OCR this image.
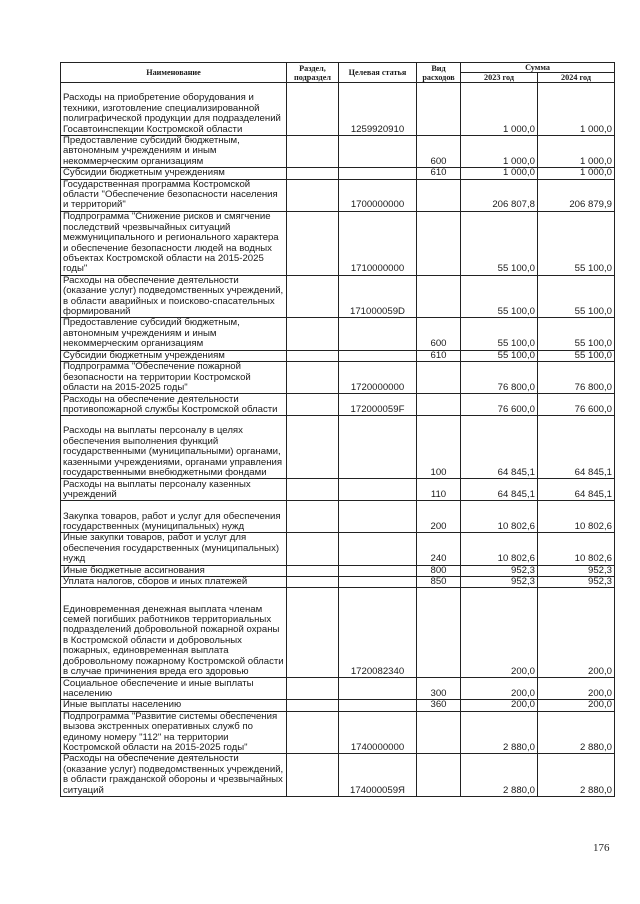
Наименование	Раздел, подраздел	Целевая статья	Вид расходов	Сумма	
				2023 год	2024 год
Расходы на приобретение оборудования и техники, изготовление специализированной полиграфической продукции для подразделений Госавтоинспекции Костромской области		1259920910		1 000,0	1 000,0
Предоставление субсидий бюджетным, автономным учреждениям и иным некоммерческим организациям			600	1 000,0	1 000,0
Субсидии бюджетным учреждениям			610	1 000,0	1 000,0
Государственная программа Костромской области "Обеспечение безопасности населения и территорий"		1700000000		206 807,8	206 879,9
Подпрограмма "Снижение рисков и смягчение последствий чрезвычайных ситуаций межмуниципального и регионального характера и обеспечение безопасности людей на водных объектах Костромской области на 2015-2025 годы"		1710000000		55 100,0	55 100,0
Расходы на обеспечение деятельности (оказание услуг) подведомственных учреждений, в области аварийных и поисково-спасательных формирований		171000059D		55 100,0	55 100,0
Предоставление субсидий бюджетным, автономным учреждениям и иным некоммерческим организациям			600	55 100,0	55 100,0
Субсидии бюджетным учреждениям			610	55 100,0	55 100,0
Подпрограмма "Обеспечение пожарной безопасности на территории Костромской области на 2015-2025 годы"		1720000000		76 800,0	76 800,0
Расходы на обеспечение деятельности противопожарной службы Костромской области		172000059F		76 600,0	76 600,0
Расходы на выплаты персоналу в целях обеспечения выполнения функций государственными (муниципальными) органами, казенными учреждениями, органами управления государственными внебюджетными фондами			100	64 845,1	64 845,1
Расходы на выплаты персоналу казенных учреждений			110	64 845,1	64 845,1
Закупка товаров, работ и услуг для обеспечения государственных (муниципальных) нужд			200	10 802,6	10 802,6
Иные закупки товаров, работ и услуг для обеспечения государственных (муниципальных) нужд			240	10 802,6	10 802,6
Иные бюджетные ассигнования			800	952,3	952,3
Уплата налогов, сборов и иных платежей			850	952,3	952,3
Единовременная денежная выплата членам семей погибших работников территориальных подразделений добровольной пожарной охраны в Костромской области и добровольных пожарных, единовременная выплата добровольному пожарному Костромской области в случае причинения вреда его здоровью		1720082340		200,0	200,0
Социальное обеспечение и иные выплаты населению			300	200,0	200,0
Иные выплаты населению			360	200,0	200,0
Подпрограмма "Развитие системы обеспечения вызова экстренных оперативных служб по единому номеру "112" на территории Костромской области на 2015-2025 годы"		1740000000		2 880,0	2 880,0
Расходы на обеспечение деятельности (оказание услуг) подведомственных учреждений, в области гражданской обороны и чрезвычайных ситуаций		174000059Я		2 880,0	2 880,0
176
